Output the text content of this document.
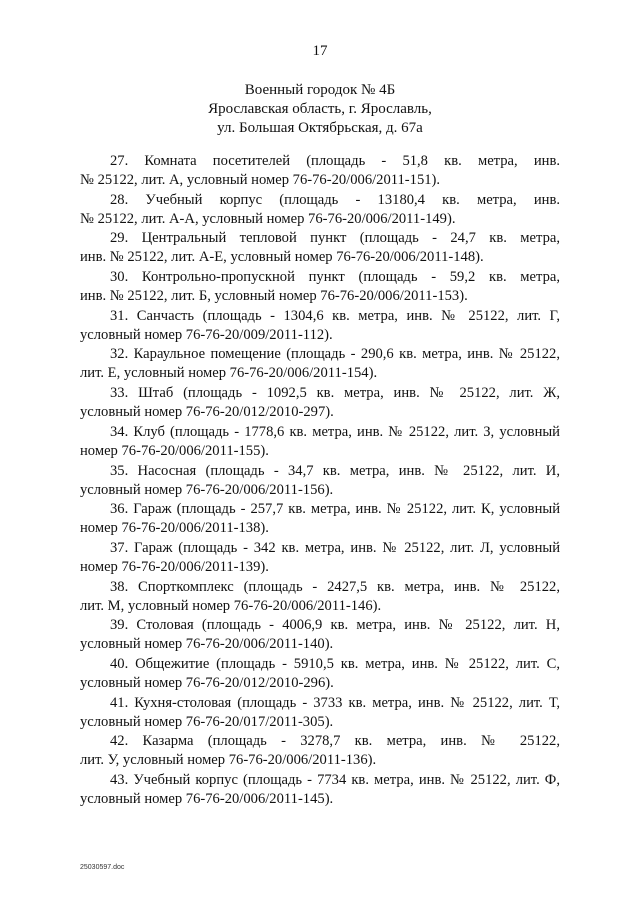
17
Военный городок № 4Б
Ярославская область, г. Ярославль,
ул. Большая Октябрьская, д. 67а
27. Комната посетителей (площадь - 51,8 кв. метра, инв.
№ 25122, лит. А, условный номер 76-76-20/006/2011-151).
28. Учебный корпус (площадь - 13180,4 кв. метра, инв.
№ 25122, лит. А-А, условный номер 76-76-20/006/2011-149).
29. Центральный тепловой пункт (площадь - 24,7 кв. метра,
инв. № 25122, лит. А-Е, условный номер 76-76-20/006/2011-148).
30. Контрольно-пропускной пункт (площадь - 59,2 кв. метра,
инв. № 25122, лит. Б, условный номер 76-76-20/006/2011-153).
31. Санчасть (площадь - 1304,6 кв. метра, инв. № 25122, лит. Г,
условный номер 76-76-20/009/2011-112).
32. Караульное помещение (площадь - 290,6 кв. метра, инв. № 25122,
лит. Е, условный номер 76-76-20/006/2011-154).
33. Штаб (площадь - 1092,5 кв. метра, инв. № 25122, лит. Ж,
условный номер 76-76-20/012/2010-297).
34. Клуб (площадь - 1778,6 кв. метра, инв. № 25122, лит. З, условный
номер 76-76-20/006/2011-155).
35. Насосная (площадь - 34,7 кв. метра, инв. № 25122, лит. И,
условный номер 76-76-20/006/2011-156).
36. Гараж (площадь - 257,7 кв. метра, инв. № 25122, лит. К, условный
номер 76-76-20/006/2011-138).
37. Гараж (площадь - 342 кв. метра, инв. № 25122, лит. Л, условный
номер 76-76-20/006/2011-139).
38. Спорткомплекс (площадь - 2427,5 кв. метра, инв. № 25122,
лит. М, условный номер 76-76-20/006/2011-146).
39. Столовая (площадь - 4006,9 кв. метра, инв. № 25122, лит. Н,
условный номер 76-76-20/006/2011-140).
40. Общежитие (площадь - 5910,5 кв. метра, инв. № 25122, лит. С,
условный номер 76-76-20/012/2010-296).
41. Кухня-столовая (площадь - 3733 кв. метра, инв. № 25122, лит. Т,
условный номер 76-76-20/017/2011-305).
42. Казарма (площадь - 3278,7 кв. метра, инв. № 25122,
лит. У, условный номер 76-76-20/006/2011-136).
43. Учебный корпус (площадь - 7734 кв. метра, инв. № 25122, лит. Ф,
условный номер 76-76-20/006/2011-145).
25030597.doc
